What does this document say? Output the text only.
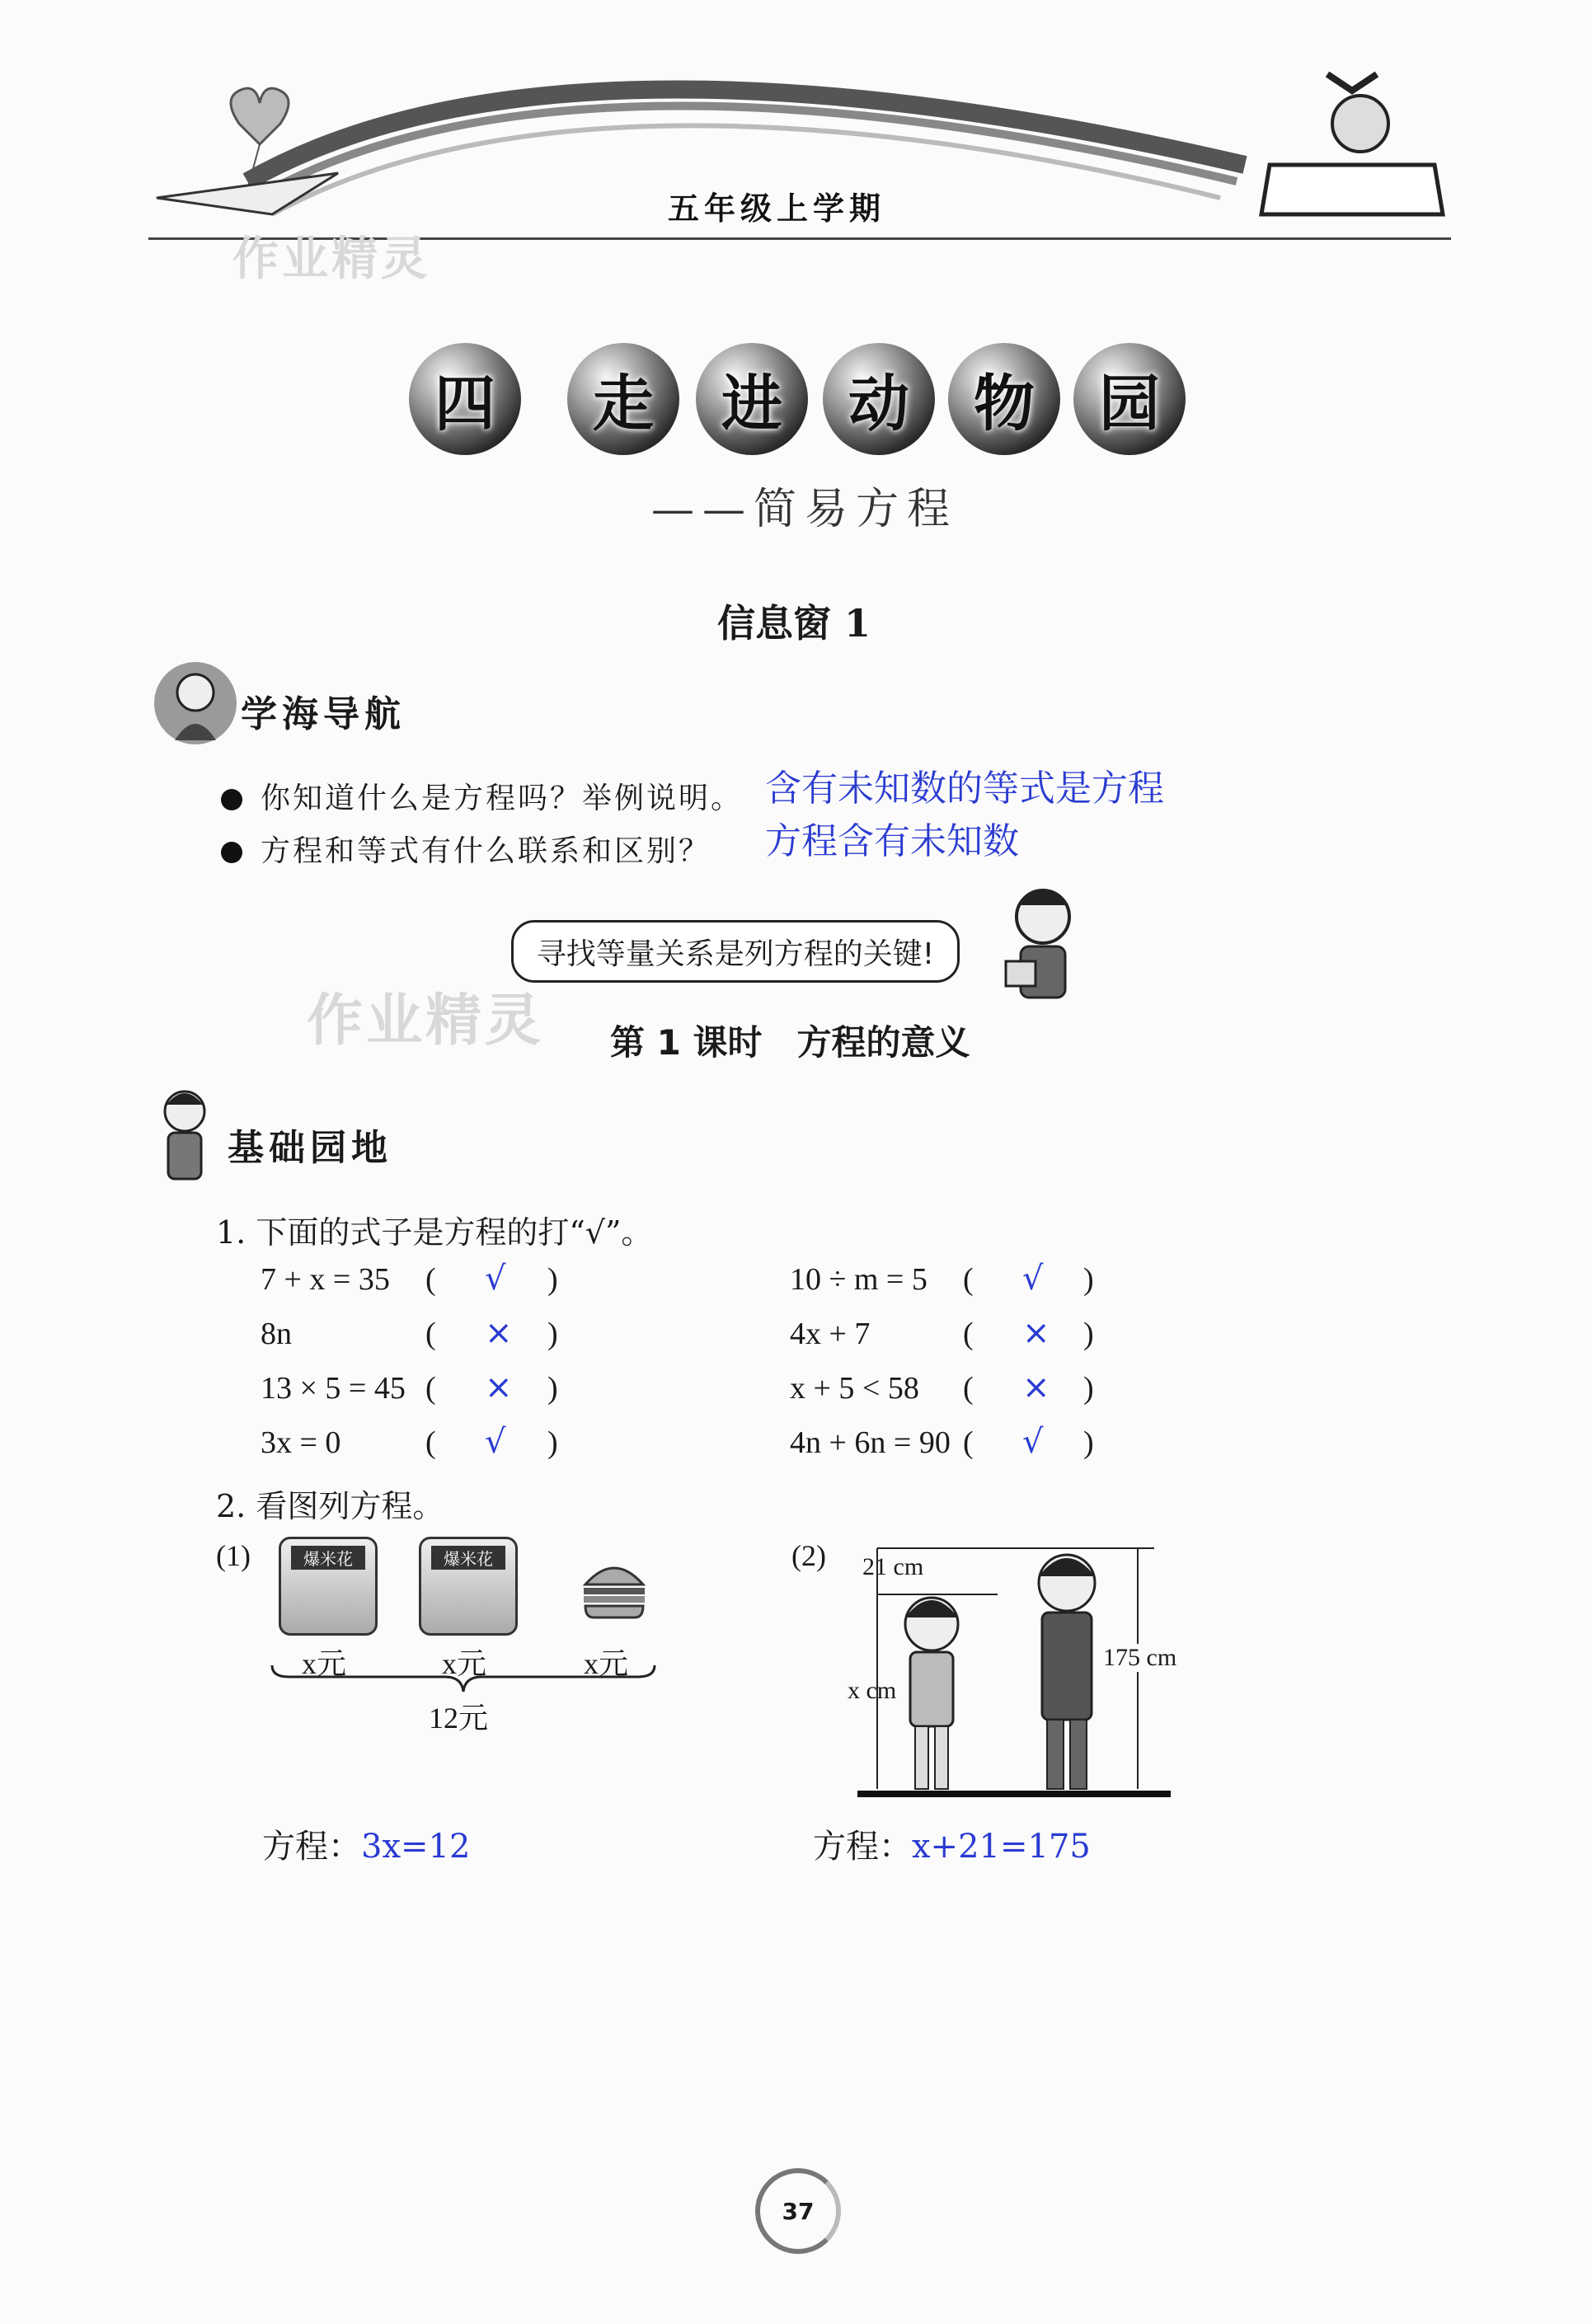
五年级上学期
作业精灵
四 走 进 动 物 园
——简易方程
信息窗 1
学海导航
你知道什么是方程吗？举例说明。
方程和等式有什么联系和区别？
含有未知数的等式是方程
方程含有未知数
寻找等量关系是列方程的关键!
作业精灵 第 1 课时　方程的意义
基础园地
1. 下面的式子是方程的打“√”。
7 + x = 35 ( √ )
8n	( × )
13 × 5 = 45 ( × )
3x = 0	( √ )
10 ÷ m = 5 ( √ )
4x + 7	( × )
x + 5 < 58 ( × )
4n + 6n = 90 ( √ )
2. 看图列方程。
(1)	爆米花	爆米花
x元	x元	x元
12元
(2) 21 cm
x cm
175 cm
方程：3x=12	方程：x+21=175
37
